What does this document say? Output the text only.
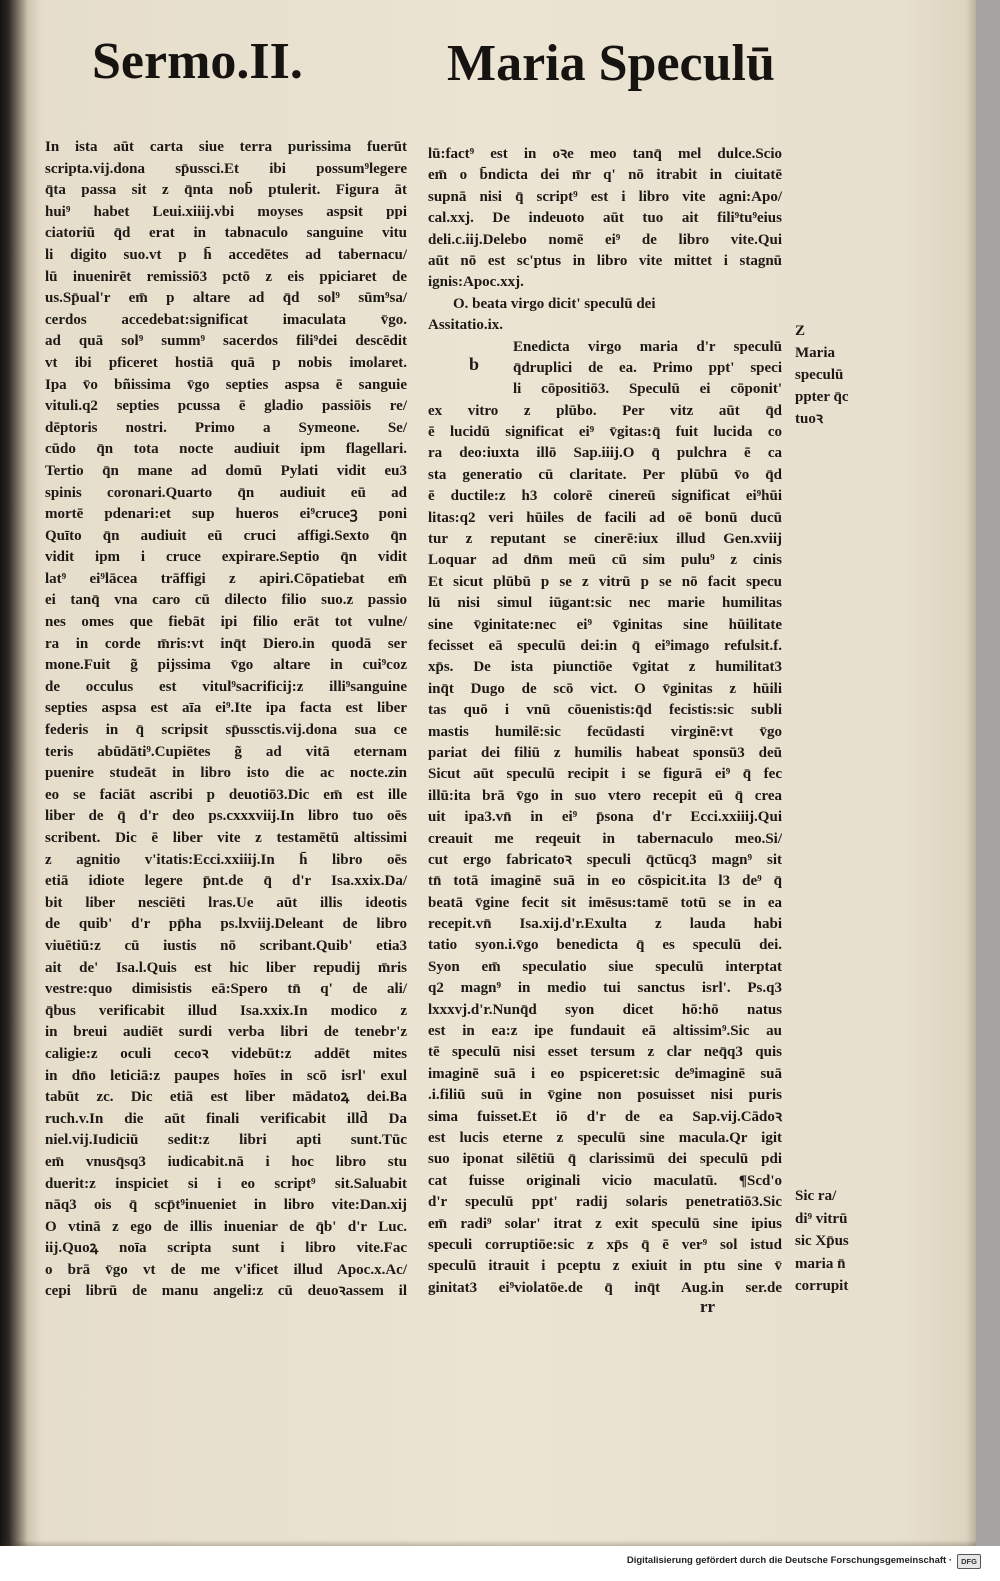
Sermo.II.	Maria Speculū
In ista aūt carta siue terra purissima fuerūt
scripta.vij.dona sp̄ussci.Et ibi possum⁹legere
q̄ta passa sit z q̄nta nob̄ ptulerit. Figura āt
hui⁹ habet Leui.xiiij.vbi moyses aspsit ppi
ciatoriū q̄d erat in tabnaculo sanguine vitu
li digito suo.vt p h̄ accedētes ad tabernacu/
lū inuenirēt remissiō3 pctō z eis ppiciaret de
us.Sp̄ual'r em̄ p altare ad q̄d sol⁹ sūm⁹sa/
cerdos accedebat:significat imaculata v̄go.
ad quā sol⁹ summ⁹ sacerdos fili⁹dei descēdit
vt ibi pficeret hostiā quā p nobis imolaret.
Ipa v̄o bñissima v̄go septies aspsa ē sanguie
vituli.q2 septies pcussa ē gladio passiōis re/
dēptoris nostri. Primo a Symeone. Se/
cūdo q̄n tota nocte audiuit ipm flagellari.
Tertio q̄n mane ad domū Pylati vidit eu3
spinis coronari.Quarto q̄n audiuit eū ad
mortē pdenari:et sup hueros ei⁹cruceꝫ poni
Quīto q̄n audiuit eū cruci affigi.Sexto q̄n
vidit ipm i cruce expirare.Septio q̄n vidit
lat⁹ ei⁹lācea trāffigi z apiri.Cōpatiebat em̄
ei tanq̄ vna caro cū dilecto filio suo.z passio
nes omes que fiebāt ipi filio erāt tot vulne/
ra in corde m̄ris:vt inq̄t Diero.in quodā ser
mone.Fuit g̃ pijssima v̄go altare in cui⁹coz
de occulus est vitul⁹sacrificij:z illi⁹sanguine
septies aspsa est aīa ei⁹.Ite ipa facta est liber
federis in q̄ scripsit sp̄ussctis.vij.dona sua ce
teris abūdāti⁹.Cupiētes g̃ ad vitā eternam
puenire studeāt in libro isto die ac nocte.zin
eo se faciāt ascribi p deuotiō3.Dic em̄ est ille
liber de q̄ d'r deo ps.cxxxviij.In libro tuo oēs
scribent. Dic ē liber vite z testamētū altissimi
z agnitio v'itatis:Ecci.xxiiij.In h̄ libro oēs
etiā idiote legere p̄nt.de q̄ d'r Isa.xxix.Da/
bit liber nesciēti lras.Ue aūt illis ideotis
de quib' d'r pp̄ha ps.lxviij.Deleant de libro
viuētiū:z cū iustis nō scribant.Quib' etia3
ait de' Isa.l.Quis est hic liber repudij m̄ris
vestre:quo dimisistis eā:Spero tn̄ q' de ali/
q̄bus verificabit illud Isa.xxix.In modico z
in breui audiēt surdi verba libri de tenebr'z
caligie:z oculi cecoꝛ videbūt:z addēt mites
in dn̄o leticiā:z paupes hoīes in scō isrl' exul
tabūt zc. Dic etiā est liber mādatoꝝ dei.Ba
ruch.v.In die aūt finali verificabit illd̄ Da
niel.vij.Iudiciū sedit:z libri apti sunt.Tūc
em̄ vnusq̄sq3 iudicabit.nā i hoc libro stu
duerit:z inspiciet si i eo script⁹ sit.Saluabit
nāq3 ois q̄ scp̄t⁹inueniet in libro vite:Dan.xij
O vtinā z ego de illis inueniar de q̄b' d'r Luc.
iij.Quoꝝ noīa scripta sunt i libro vite.Fac
o brā v̄go vt de me v'ificet illud Apoc.x.Ac/
cepi librū de manu angeli:z cū deuoꝛassem il
lū:fact⁹ est in oꝛe meo tanq̄ mel dulce.Scio
em̄ o b̄ndicta dei m̄r q' nō itrabit in ciuitatē
supnā nisi q̄ script⁹ est i libro vite agni:Apo/
cal.xxj. De indeuoto aūt tuo ait fili⁹tu⁹eius
deli.c.iij.Delebo nomē ei⁹ de libro vite.Qui
aūt nō est sc'ptus in libro vite mittet i stagnū
ignis:Apoc.xxj.
O. beata virgo dicit' speculū dei
Assitatio.ix.
Enedicta virgo maria d'r speculū
q̄druplici de ea. Primo ppt' speci
li cōpositiō3. Speculū ei cōponit'
ex vitro z plūbo. Per vitz aūt q̄d
ē lucidū significat ei⁹ v̄gitas:q̄ fuit lucida co
ra deo:iuxta illō Sap.iiij.O q̄ pulchra ē ca
sta generatio cū claritate. Per plūbū v̄o q̄d
ē ductile:z h3 colorē cinereū significat ei⁹hūi
litas:q2 veri hūiles de facili ad oē bonū ducū
tur z reputant se cinerē:iux illud Gen.xviij
Loquar ad dn̄m meū cū sim pulu⁹ z cinis
Et sicut plūbū p se z vitrū p se nō facit specu
lū nisi simul iūgant:sic nec marie humilitas
sine v̄ginitate:nec ei⁹ v̄ginitas sine hūilitate
fecisset eā speculū dei:in q̄ ei⁹imago refulsit.f.
xp̄s. De ista piunctiōe v̄gitat z humilitat3
inq̄t Dugo de scō vict. O v̄ginitas z hūili
tas quō i vnū cōuenistis:q̄d fecistis:sic subli
mastis humilē:sic fecūdasti virginē:vt v̄go
pariat dei filiū z humilis habeat sponsū3 deū
Sicut aūt speculū recipit i se figurā ei⁹ q̄ fec
illū:ita brā v̄go in suo vtero recepit eū q̄ crea
uit ipa3.vn̄ in ei⁹ p̄sona d'r Ecci.xxiiij.Qui
creauit me reqeuit in tabernaculo meo.Si/
cut ergo fabricatoꝛ speculi q̄ctūcq3 magn⁹ sit
tn̄ totā imaginē suā in eo cōspicit.ita l3 de⁹ q̄
beatā v̄gine fecit sit imēsus:tamē totū se in ea
recepit.vn̄ Isa.xij.d'r.Exulta z lauda habi
tatio syon.i.v̄go benedicta q̄ es speculū dei.
Syon em̄ speculatio siue speculū interptat
q2 magn⁹ in medio tui sanctus isrl'. Ps.q3
lxxxvj.d'r.Nunq̄d syon dicet hō:hō natus
est in ea:z ipe fundauit eā altissim⁹.Sic au
tē speculū nisi esset tersum z clar neq̄q3 quis
imaginē suā i eo pspiceret:sic de⁹imaginē suā
.i.filiū suū in v̄gine non posuisset nisi puris
sima fuisset.Et iō d'r de ea Sap.vij.Cādoꝛ
est lucis eterne z speculū sine macula.Qr igit
suo iponat silētiū q̄ clarissimū dei speculū pdi
cat fuisse originali vicio maculatū. ¶Scd'o
d'r speculū ppt' radij solaris penetratiō3.Sic
em̄ radi⁹ solar' itrat z exit speculū sine ipius
speculi corruptiōe:sic z xp̄s q̄ ē ver⁹ sol istud
speculū itrauit i pceptu z exiuit in ptu sine v̄
ginitat3 ei⁹violatōe.de q̄ inq̄t Aug.in ser.de
b
Z
Maria
speculū
ppter q̄c
tuoꝛ
Sic ra/
di⁹ vitrū
sic Xp̄us
maria n̄
corrupit
rr
Digitalisierung gefördert durch die Deutsche Forschungsgemeinschaft ·	DFG
